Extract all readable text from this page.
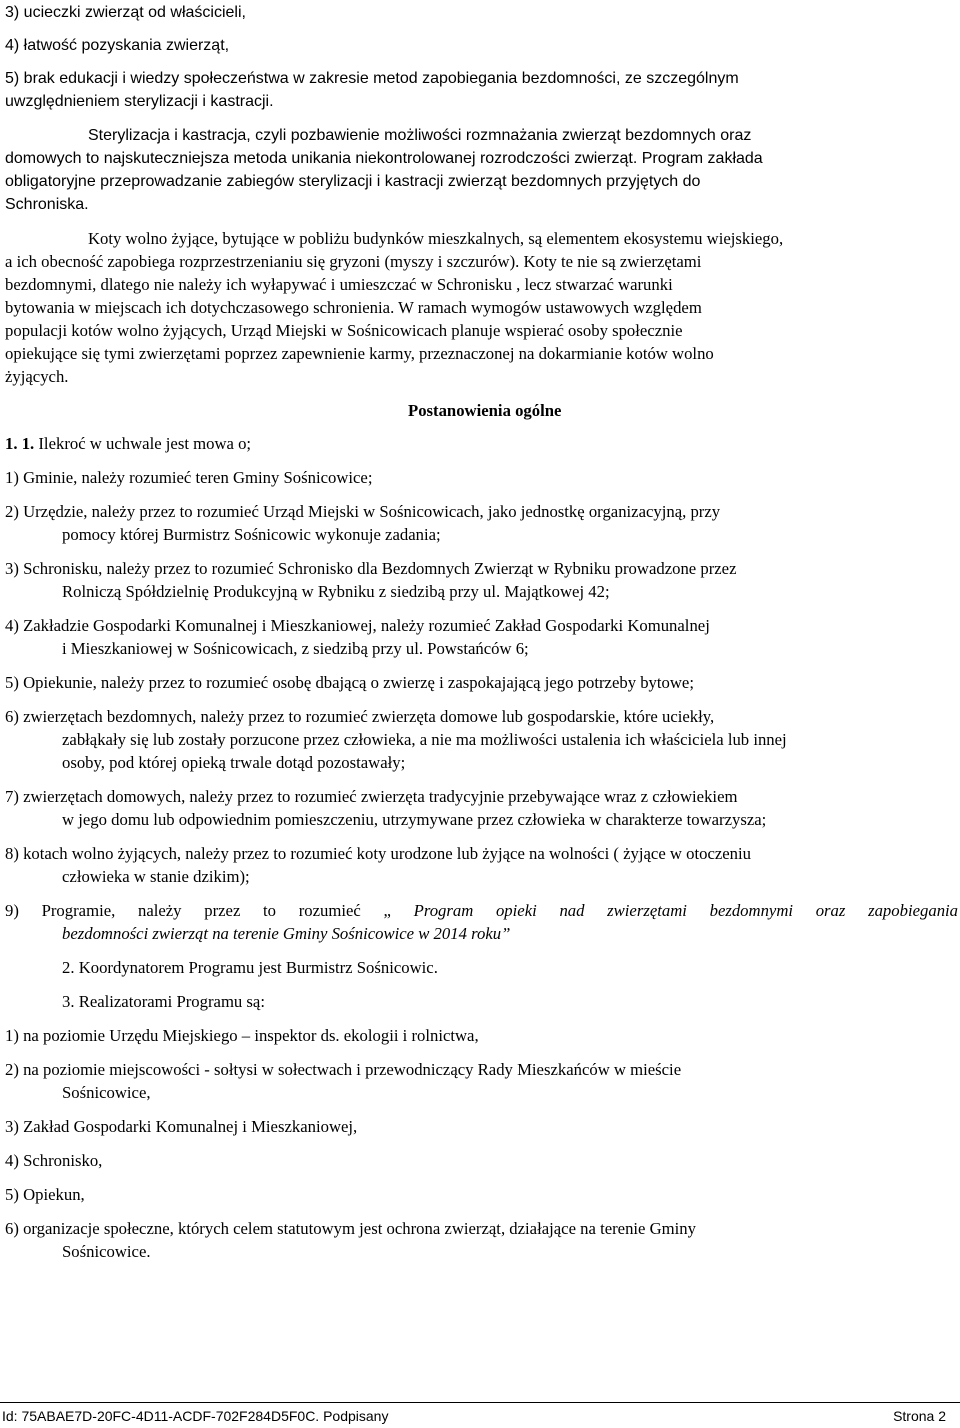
3) ucieczki zwierząt od właścicieli,
4) łatwość pozyskania zwierząt,
5) brak edukacji i wiedzy społeczeństwa w zakresie metod zapobiegania bezdomności, ze szczególnym
uwzględnieniem sterylizacji i kastracji.
Sterylizacja i kastracja, czyli pozbawienie możliwości rozmnażania zwierząt bezdomnych oraz
domowych to najskuteczniejsza metoda unikania niekontrolowanej rozrodczości zwierząt. Program zakłada
obligatoryjne przeprowadzanie zabiegów sterylizacji i kastracji zwierząt bezdomnych przyjętych do
Schroniska.
Koty wolno żyjące, bytujące w pobliżu budynków mieszkalnych, są elementem ekosystemu wiejskiego,
a ich obecność zapobiega rozprzestrzenianiu się gryzoni (myszy i szczurów). Koty te nie są zwierzętami
bezdomnymi, dlatego nie należy ich wyłapywać i umieszczać w Schronisku , lecz stwarzać warunki
bytowania w miejscach ich dotychczasowego schronienia. W ramach wymogów ustawowych względem
populacji kotów wolno żyjących, Urząd Miejski w Sośnicowicach planuje wspierać osoby społecznie
opiekujące się tymi zwierzętami poprzez zapewnienie karmy, przeznaczonej na dokarmianie kotów wolno
żyjących.
Postanowienia ogólne
1. 1. Ilekroć w uchwale jest mowa o;
1) Gminie, należy rozumieć teren Gminy Sośnicowice;
2) Urzędzie, należy przez to rozumieć Urząd Miejski w Sośnicowicach, jako jednostkę organizacyjną, przy
pomocy której Burmistrz Sośnicowic wykonuje zadania;
3) Schronisku, należy przez to rozumieć Schronisko dla Bezdomnych Zwierząt w Rybniku prowadzone przez
Rolniczą Spółdzielnię Produkcyjną w Rybniku z siedzibą przy ul. Majątkowej 42;
4) Zakładzie Gospodarki Komunalnej i Mieszkaniowej, należy rozumieć Zakład Gospodarki Komunalnej
i Mieszkaniowej w Sośnicowicach, z siedzibą przy ul. Powstańców 6;
5) Opiekunie, należy przez to rozumieć osobę dbającą o zwierzę i zaspokajającą jego potrzeby bytowe;
6) zwierzętach bezdomnych, należy przez to rozumieć zwierzęta domowe lub gospodarskie, które uciekły,
zabłąkały się lub zostały porzucone przez człowieka, a nie ma możliwości ustalenia ich właściciela lub innej
osoby, pod której opieką trwale dotąd pozostawały;
7) zwierzętach domowych, należy przez to rozumieć zwierzęta tradycyjnie przebywające wraz z człowiekiem
w jego domu lub odpowiednim pomieszczeniu, utrzymywane przez człowieka w charakterze towarzysza;
8) kotach wolno żyjących, należy przez to rozumieć koty urodzone lub żyjące na wolności ( żyjące w otoczeniu
człowieka w stanie dzikim);
9) Programie, należy przez to rozumieć „ Program opieki nad zwierzętami bezdomnymi oraz zapobiegania
bezdomności zwierząt na terenie Gminy Sośnicowice w 2014 roku”
2. Koordynatorem Programu jest Burmistrz Sośnicowic.
3. Realizatorami Programu są:
1) na poziomie Urzędu Miejskiego – inspektor ds. ekologii i rolnictwa,
2) na poziomie miejscowości - sołtysi w sołectwach i przewodniczący Rady Mieszkańców w mieście
Sośnicowice,
3) Zakład Gospodarki Komunalnej i Mieszkaniowej,
4) Schronisko,
5) Opiekun,
6) organizacje społeczne, których celem statutowym jest ochrona zwierząt, działające na terenie Gminy
Sośnicowice.
Id: 75ABAE7D-20FC-4D11-ACDF-702F284D5F0C. Podpisany	Strona 2
